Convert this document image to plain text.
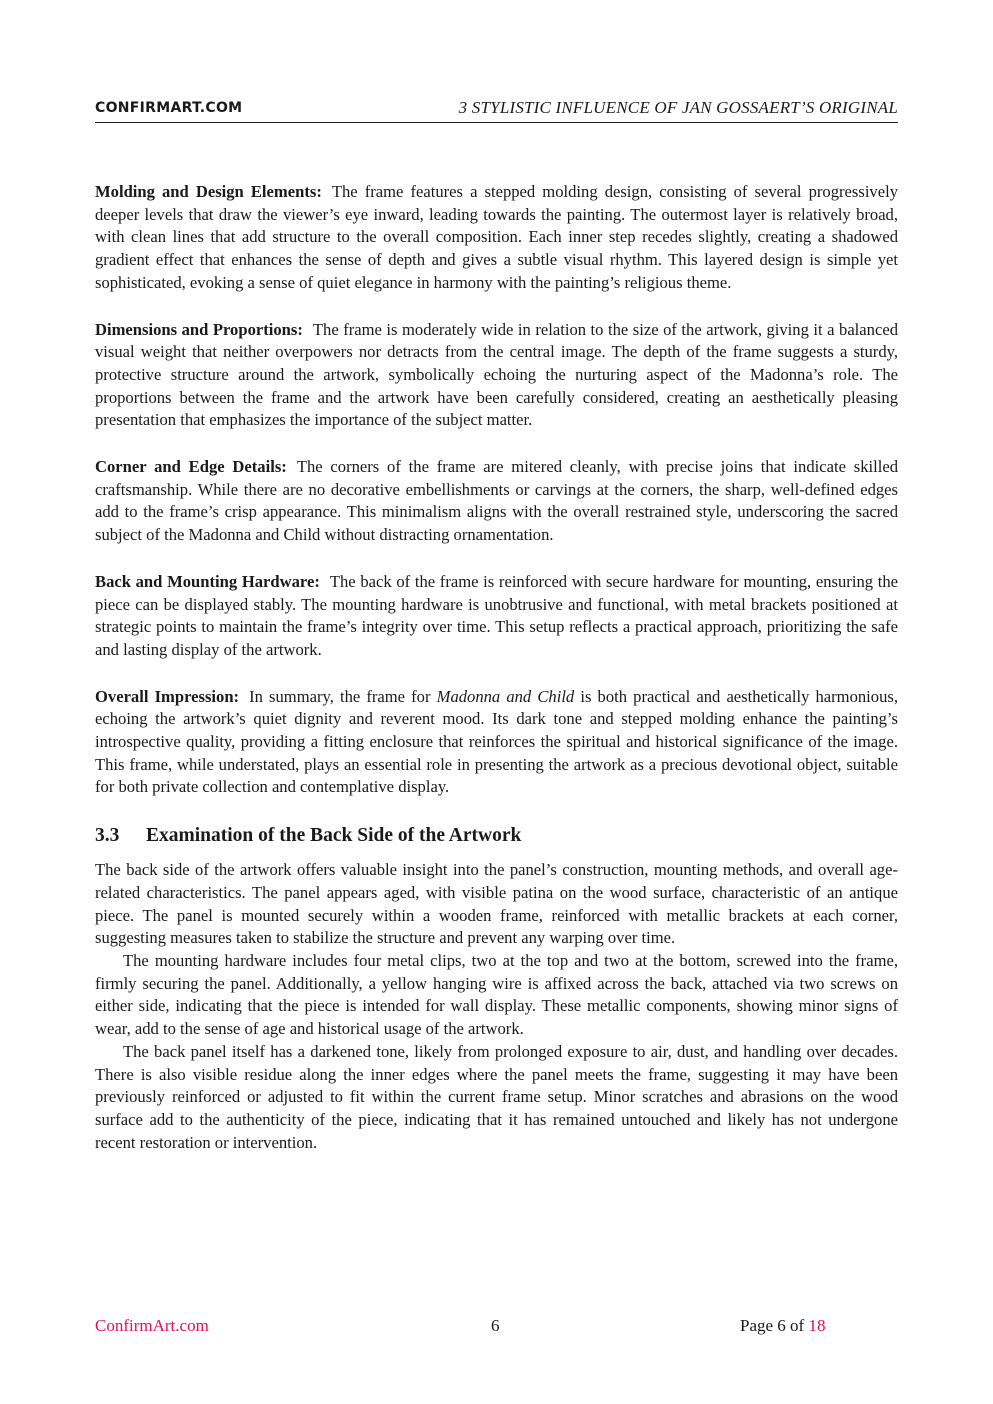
CONFIRMART.COM	3 STYLISTIC INFLUENCE OF JAN GOSSAERT’S ORIGINAL

Molding and Design Elements: The frame features a stepped molding design, consisting of several progressively deeper levels that draw the viewer’s eye inward, leading towards the painting. The outermost layer is relatively broad, with clean lines that add structure to the overall composition. Each inner step recedes slightly, creating a shadowed gradient effect that enhances the sense of depth and gives a subtle visual rhythm. This layered design is simple yet sophisticated, evoking a sense of quiet elegance in harmony with the painting’s religious theme.

Dimensions and Proportions: The frame is moderately wide in relation to the size of the artwork, giving it a balanced visual weight that neither overpowers nor detracts from the central image. The depth of the frame suggests a sturdy, protective structure around the artwork, symbolically echoing the nurturing aspect of the Madonna’s role. The proportions between the frame and the artwork have been carefully considered, creating an aesthetically pleasing presentation that emphasizes the importance of the subject matter.

Corner and Edge Details: The corners of the frame are mitered cleanly, with precise joins that indicate skilled craftsmanship. While there are no decorative embellishments or carvings at the corners, the sharp, well-defined edges add to the frame’s crisp appearance. This minimalism aligns with the overall restrained style, underscoring the sacred subject of the Madonna and Child without distracting ornamentation.

Back and Mounting Hardware: The back of the frame is reinforced with secure hardware for mounting, ensuring the piece can be displayed stably. The mounting hardware is unobtrusive and functional, with metal brackets positioned at strategic points to maintain the frame’s integrity over time. This setup reflects a practical approach, prioritizing the safe and lasting display of the artwork.

Overall Impression: In summary, the frame for Madonna and Child is both practical and aesthetically harmonious, echoing the artwork’s quiet dignity and reverent mood. Its dark tone and stepped molding enhance the painting’s introspective quality, providing a fitting enclosure that reinforces the spiritual and historical significance of the image. This frame, while understated, plays an essential role in presenting the artwork as a precious devotional object, suitable for both private collection and contemplative display.

3.3 Examination of the Back Side of the Artwork

The back side of the artwork offers valuable insight into the panel’s construction, mounting methods, and overall age-related characteristics. The panel appears aged, with visible patina on the wood surface, characteristic of an antique piece. The panel is mounted securely within a wooden frame, reinforced with metallic brackets at each corner, suggesting measures taken to stabilize the structure and prevent any warping over time.

The mounting hardware includes four metal clips, two at the top and two at the bottom, screwed into the frame, firmly securing the panel. Additionally, a yellow hanging wire is affixed across the back, attached via two screws on either side, indicating that the piece is intended for wall display. These metallic components, showing minor signs of wear, add to the sense of age and historical usage of the artwork.

The back panel itself has a darkened tone, likely from prolonged exposure to air, dust, and handling over decades. There is also visible residue along the inner edges where the panel meets the frame, suggesting it may have been previously reinforced or adjusted to fit within the current frame setup. Minor scratches and abrasions on the wood surface add to the authenticity of the piece, indicating that it has remained untouched and likely has not undergone recent restoration or intervention.

ConfirmArt.com	6	Page 6 of 18
